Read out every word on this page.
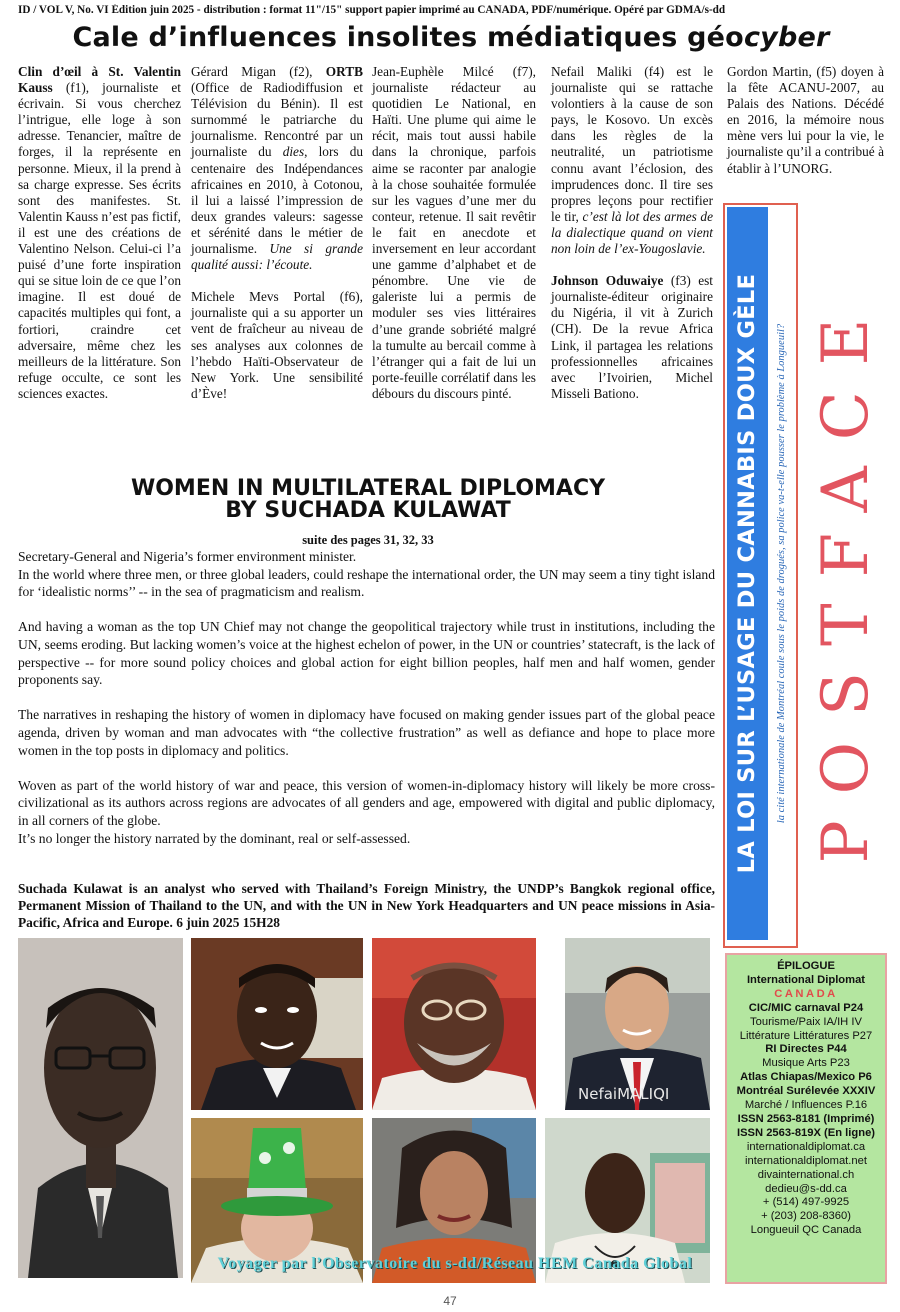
ID / VOL V, No. VI Édition juin 2025 - distribution : format 11"/15" support papier imprimé au CANADA, PDF/numérique. Opéré par GDMA/s-dd
Cale d’influences insolites médiatiques géocyber

Clin d’œil à St. Valentin Kauss (f1), journaliste et écrivain. Si vous cherchez l’intrigue, elle loge à son adresse. Tenancier, maître de forges, il la représente en personne. Mieux, il la prend à sa charge expresse. Ses écrits sont des manifestes. St. Valentin Kauss n’est pas fictif, il est une des créations de Valentino Nelson. Celui-ci l’a puisé d’une forte inspiration qui se situe loin de ce que l’on imagine. Il est doué de capacités multiples qui font, a fortiori, craindre cet adversaire, même chez les meilleurs de la littérature. Son refuge occulte, ce sont les sciences exactes.

Gérard Migan (f2), ORTB (Office de Radiodiffusion et Télévision du Bénin). Il est surnommé le patriarche du journalisme. Rencontré par un journaliste du dies, lors du centenaire des Indépendances africaines en 2010, à Cotonou, il lui a laissé l’impression de deux grandes valeurs: sagesse et sérénité dans le métier de journalisme. Une si grande qualité aussi: l’écoute.

Michele Mevs Portal (f6), journaliste qui a su apporter un vent de fraîcheur au niveau de ses analyses aux colonnes de l’hebdo Haïti-Observateur de New York. Une sensibilité d’Ève!

Jean-Euphèle Milcé (f7), journaliste rédacteur au quotidien Le National, en Haïti. Une plume qui aime le récit, mais tout aussi habile dans la chronique, parfois aime se raconter par analogie à la chose souhaitée formulée sur les vagues d’une mer du conteur, retenue. Il sait revêtir le fait en anecdote et inversement en leur accordant une gamme d’alphabet et de pénombre. Une vie de galeriste lui a permis de moduler ses vies littéraires d’une grande sobriété malgré la tumulte au bercail comme à l’étranger qui a fait de lui un porte-feuille corrélatif dans les débours du discours pinté.

Nefail Maliki (f4) est le journaliste qui se rattache volontiers à la cause de son pays, le Kosovo. Un excès dans les règles de la neutralité, un patriotisme connu avant l’éclosion, des imprudences donc. Il tire ses propres leçons pour rectifier le tir, c’est là lot des armes de la dialectique quand on vient non loin de l’ex-Yougoslavie.

Johnson Oduwaiye (f3) est journaliste-éditeur originaire du Nigéria, il vit à Zurich (CH). De la revue Africa Link, il partagea les relations professionnelles africaines avec l’Ivoirien, Michel Misseli Bationo.

Gordon Martin, (f5) doyen à la fête ACANU-2007, au Palais des Nations. Décédé en 2016, la mémoire nous mène vers lui pour la vie, le journaliste qu’il a contribué à établir à l’UNORG.

WOMEN IN MULTILATERAL DIPLOMACY
BY SUCHADA KULAWAT
suite des pages 31, 32, 33

Secretary-General and Nigeria’s former environment minister.

In the world where three men, or three global leaders, could reshape the international order, the UN may seem a tiny tight island for ‘idealistic norms’’ -- in the sea of pragmaticism and realism.

And having a woman as the top UN Chief may not change the geopolitical trajectory while trust in institutions, including the UN, seems eroding. But lacking women’s voice at the highest echelon of power, in the UN or countries’ statecraft, is the lack of perspective -- for more sound policy choices and global action for eight billion peoples, half men and half women, gender proponents say.

The narratives in reshaping the history of women in diplomacy have focused on making gender issues part of the global peace agenda, driven by woman and man advocates with “the collective frustration” as well as defiance and hope to place more women in the top posts in diplomacy and politics.

Woven as part of the world history of war and peace, this version of women-in-diplomacy history will likely be more cross-civilizational as its authors across regions are advocates of all genders and age, empowered with digital and public diplomacy, in all corners of the globe.

It’s no longer the history narrated by the dominant, real or self-assessed.

Suchada Kulawat is an analyst who served with Thailand’s Foreign Ministry, the UNDP’s Bangkok regional office, Permanent Mission of Thailand to the UN, and with the UN in New York Headquarters and UN peace missions in Asia-Pacific, Africa and Europe. 6 juin 2025 15H28
NefaiMALIQI
Voyager par l’Observatoire du s-dd/Réseau HEM Canada Global
LA LOI SUR L’USAGE DU CANNABIS DOUX GÈLE	la cité internationale de Montréal coule sous le poids de drogués, sa police va-t-elle pousser le problème à Longueuil? POSTFACE
ÉPILOGUE
International Diplomat
CANADA
CIC/MIC carnaval P24
Tourisme/Paix IA/IH IV
Littérature Littératures P27
RI Directes P44
Musique Arts P23
Atlas Chiapas/Mexico P6
Montréal Surélevée XXXIV
Marché / Influences P.16
ISSN 2563-8181 (Imprimé)
ISSN 2563-819X (En ligne)
internationaldiplomat.ca
internationaldiplomat.net
divainternational.ch
dedieu@s-dd.ca
+ (514) 497-9925
+ (203) 208-8360)
Longueuil QC Canada
47
